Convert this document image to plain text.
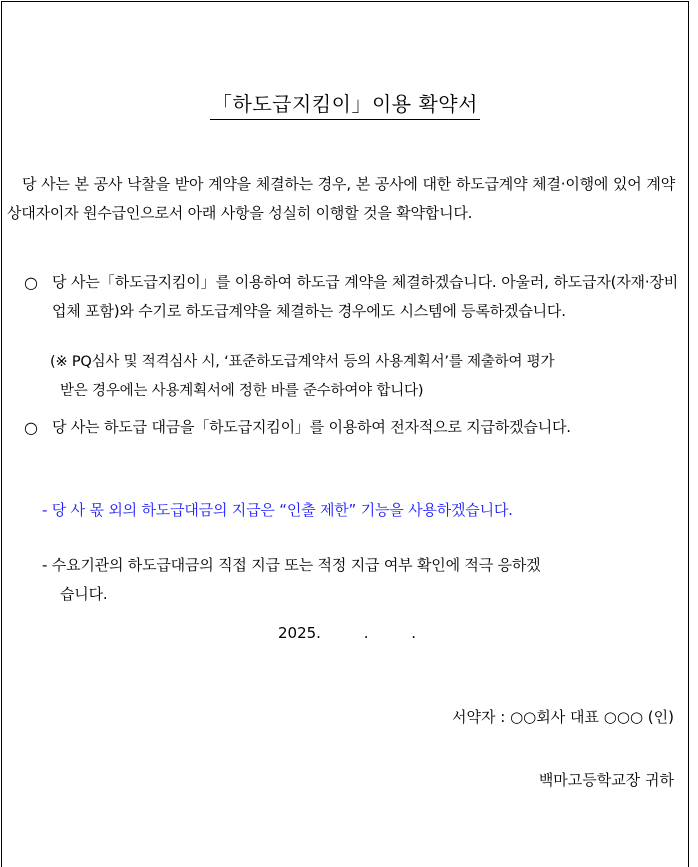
「하도급지킴이」이용 확약서
당 사는 본 공사 낙찰을 받아 계약을 체결하는 경우, 본 공사에 대한 하도급계약 체결·이행에 있어 계약상대자이자 원수급인으로서 아래 사항을 성실히 이행할 것을 확약합니다.
○ 당 사는「하도급지킴이」를 이용하여 하도급 계약을 체결하겠습니다. 아울러, 하도급자(자재·장비업체 포함)와 수기로 하도급계약을 체결하는 경우에도 시스템에 등록하겠습니다.
(※ PQ심사 및 적격심사 시, ‘표준하도급계약서 등의 사용계획서’를 제출하여 평가
받은 경우에는 사용계획서에 정한 바를 준수하여야 합니다)
○ 당 사는 하도급 대금을「하도급지킴이」를 이용하여 전자적으로 지급하겠습니다.
- 당 사 몫 외의 하도급대금의 지급은 “인출 제한” 기능을 사용하겠습니다.
- 수요기관의 하도급대금의 직접 지급 또는 적정 지급 여부 확인에 적극 응하겠
습니다.
2025.	.	.
서약자 : ○○회사 대표 ○○○ (인)
백마고등학교장 귀하
